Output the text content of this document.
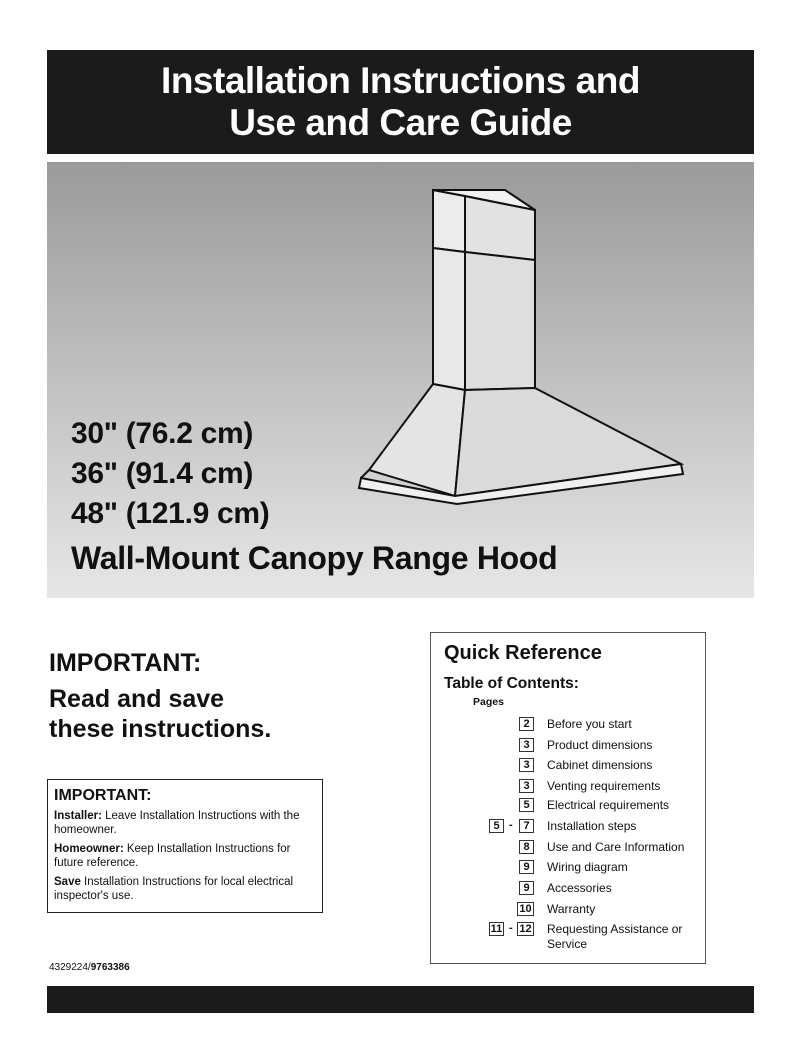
Installation Instructions and
Use and Care Guide
30" (76.2 cm)
36" (91.4 cm)
48" (121.9 cm)
Wall-Mount Canopy Range Hood
IMPORTANT:
Read and save
these instructions.
IMPORTANT:

Installer: Leave Installation Instructions with the homeowner.

Homeowner: Keep Installation Instructions for future reference.

Save Installation Instructions for local electrical inspector's use.

4329224/9763386
Quick Reference
Table of Contents:
Pages
2	Before you start
3	Product dimensions
3	Cabinet dimensions
3	Venting requirements
5	Electrical requirements
5 - 7	Installation steps
8	Use and Care Information
9	Wiring diagram
9	Accessories
10 Warranty
11 - 12 Requesting Assistance or Service
